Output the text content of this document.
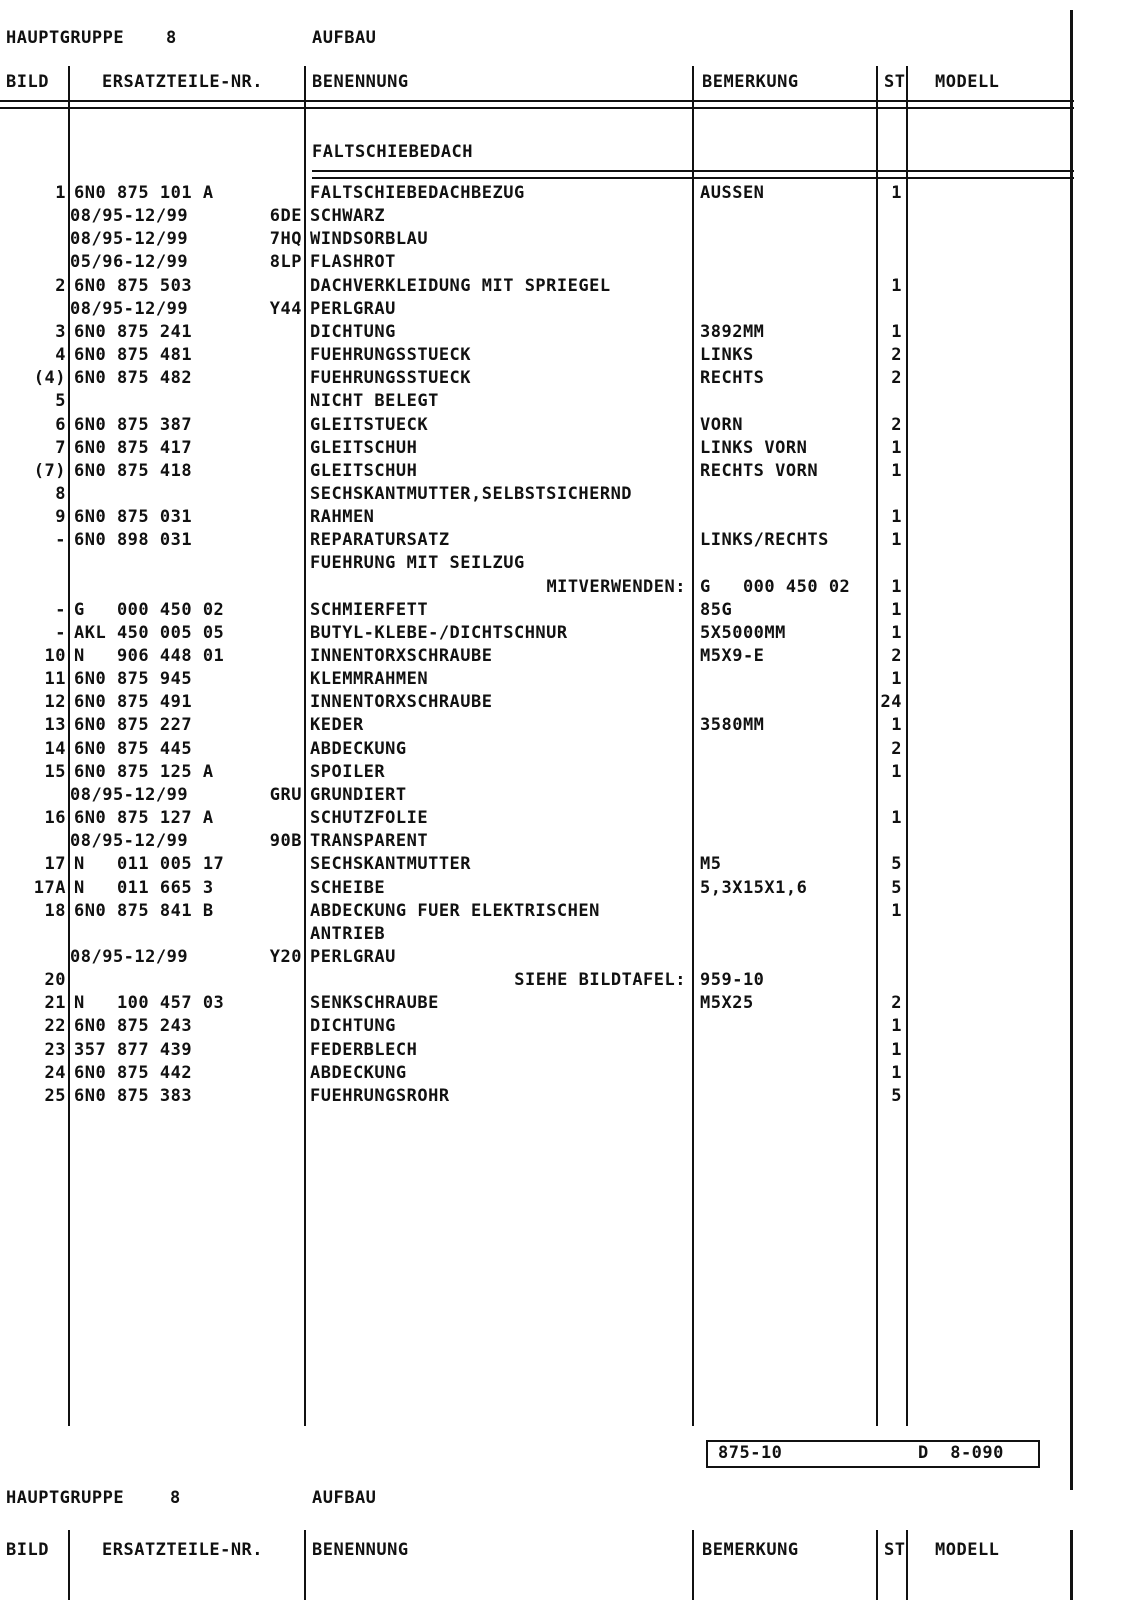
HAUPTGRUPPE 8	AUFBAU
BILD	ERSATZTEILE-NR.	BENENNUNG	BEMERKUNG	ST MODELL
FALTSCHIEBEDACH
1 6N0 875 101 A	FALTSCHIEBEDACHBEZUG	AUSSEN	1
08/95-12/99	6DE SCHWARZ
08/95-12/99	7HQ WINDSORBLAU
05/96-12/99	8LP FLASHROT
2 6N0 875 503	DACHVERKLEIDUNG MIT SPRIEGEL	1
08/95-12/99	Y44 PERLGRAU
3 6N0 875 241	DICHTUNG	3892MM	1
4 6N0 875 481	FUEHRUNGSSTUECK	LINKS	2
(4) 6N0 875 482	FUEHRUNGSSTUECK	RECHTS	2
5	NICHT BELEGT
6 6N0 875 387	GLEITSTUECK	VORN	2
7 6N0 875 417	GLEITSCHUH	LINKS VORN	1
(7) 6N0 875 418	GLEITSCHUH	RECHTS VORN	1
8	SECHSKANTMUTTER,SELBSTSICHERND
9 6N0 875 031	RAHMEN	1
- 6N0 898 031	REPARATURSATZ	LINKS/RECHTS	1
FUEHRUNG MIT SEILZUG
MITVERWENDEN: G   000 450 02	1
- G   000 450 02	SCHMIERFETT	85G	1
- AKL 450 005 05	BUTYL-KLEBE-/DICHTSCHNUR	5X5000MM	1
10 N   906 448 01	INNENTORXSCHRAUBE	M5X9-E	2
11 6N0 875 945	KLEMMRAHMEN	1
12 6N0 875 491	INNENTORXSCHRAUBE	24
13 6N0 875 227	KEDER	3580MM	1
14 6N0 875 445	ABDECKUNG	2
15 6N0 875 125 A	SPOILER	1
08/95-12/99	GRU GRUNDIERT
16 6N0 875 127 A	SCHUTZFOLIE	1
08/95-12/99	90B TRANSPARENT
17 N   011 005 17	SECHSKANTMUTTER	M5	5
17A N   011 665 3	SCHEIBE	5,3X15X1,6	5
18 6N0 875 841 B	ABDECKUNG FUER ELEKTRISCHEN	1
ANTRIEB
08/95-12/99	Y20 PERLGRAU
20	SIEHE BILDTAFEL: 959-10
21 N   100 457 03	SENKSCHRAUBE	M5X25	2
22 6N0 875 243	DICHTUNG	1
23 357 877 439	FEDERBLECH	1
24 6N0 875 442	ABDECKUNG	1
25 6N0 875 383	FUEHRUNGSROHR	5
875-10	D  8-090
HAUPTGRUPPE	8	AUFBAU
BILD	ERSATZTEILE-NR.	BENENNUNG	BEMERKUNG	ST MODELL
